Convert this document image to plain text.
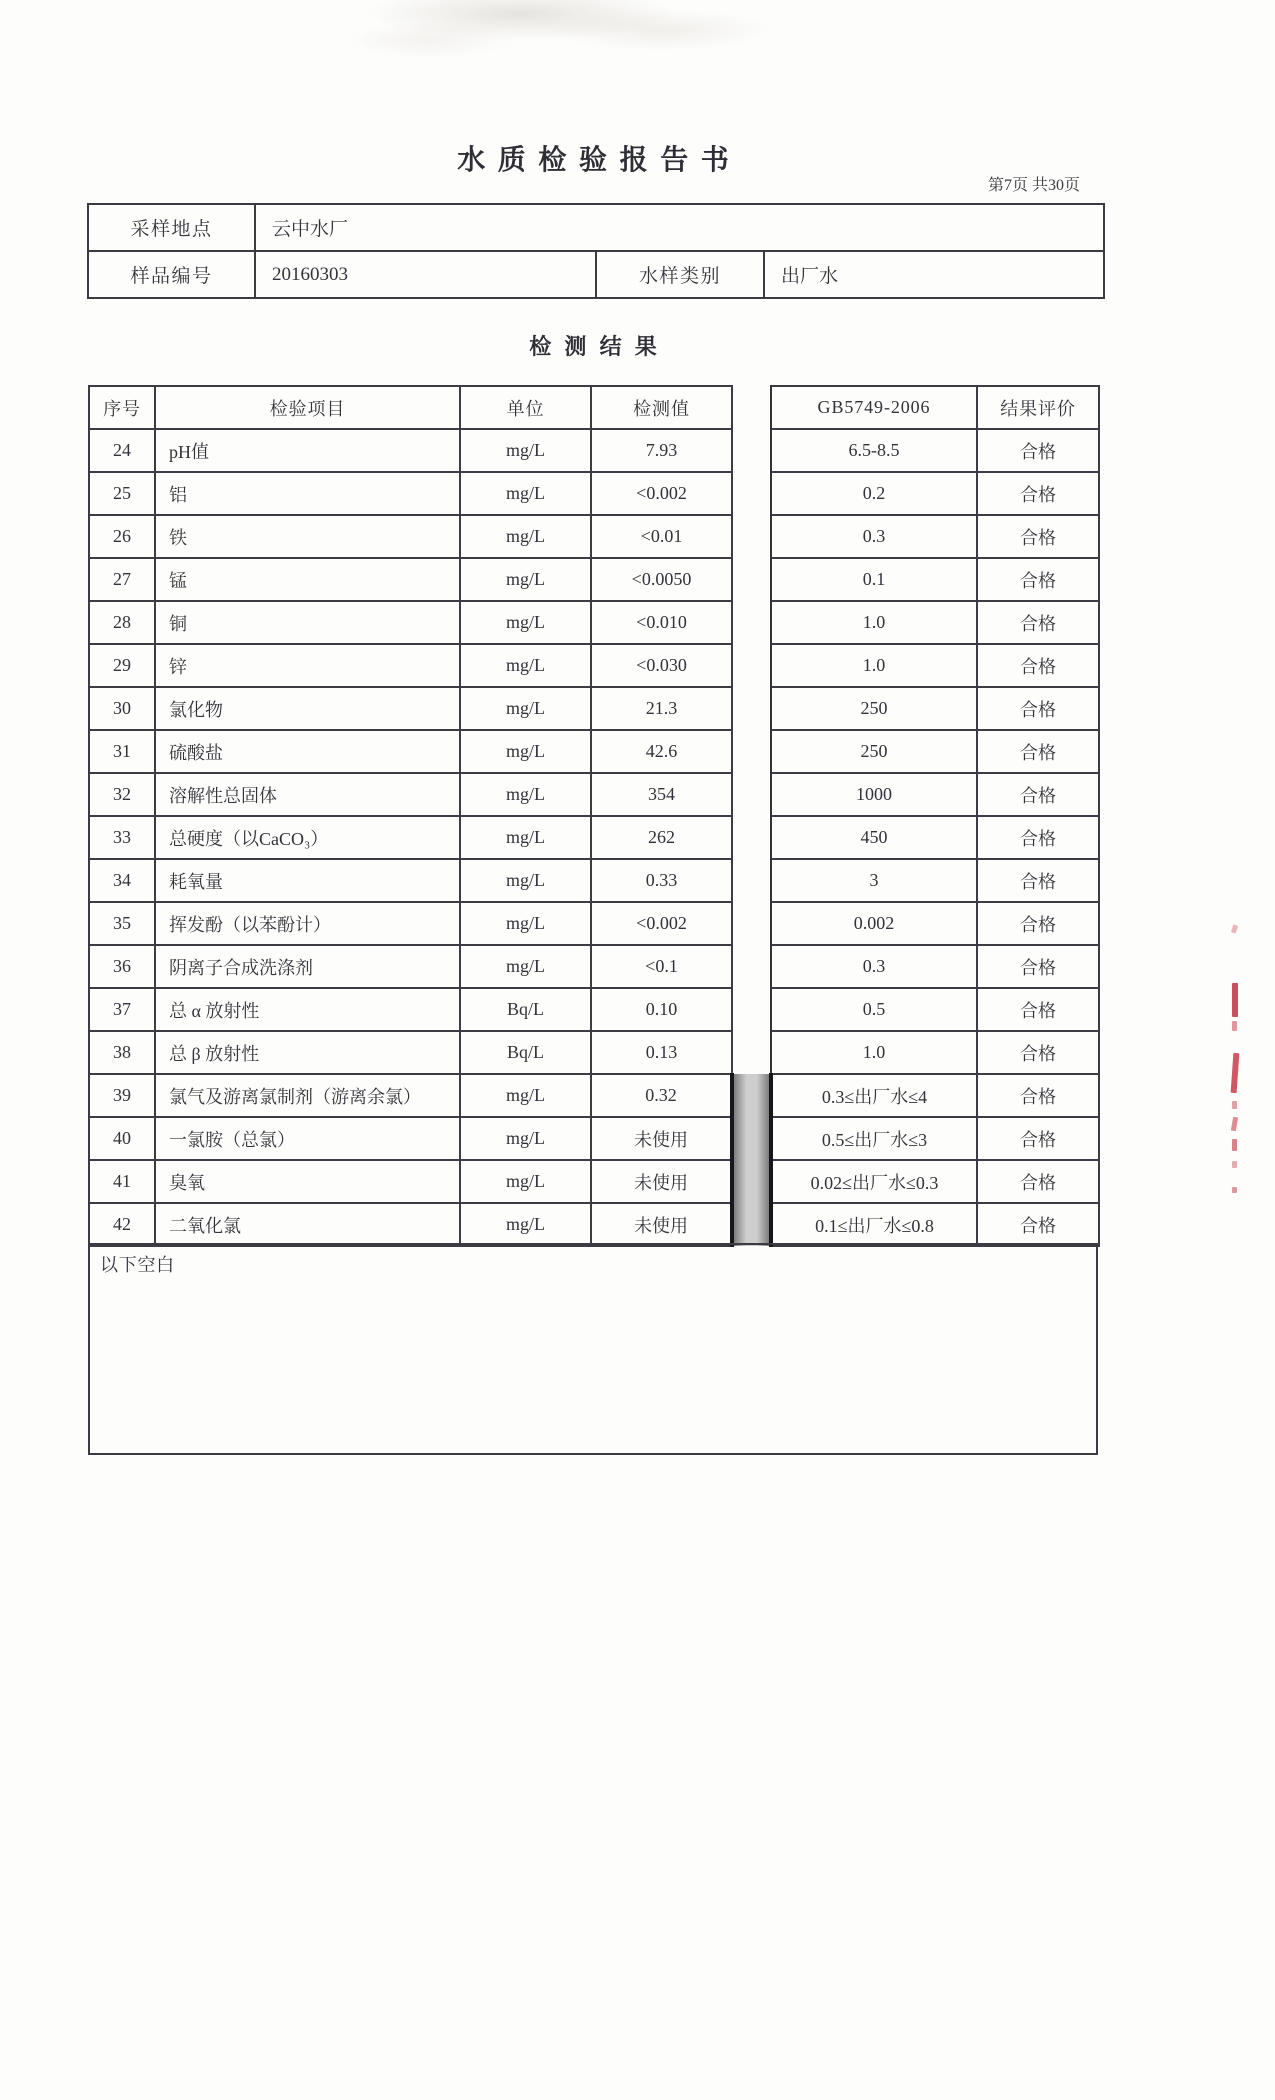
水质检验报告书
第7页 共30页
采样地点	云中水厂		
样品编号	20160303	水样类别	出厂水
检测结果
序号	检验项目	单位	检测值		GB5749-2006	结果评价
24	pH值	mg/L	7.93		6.5-8.5	合格
25	铝	mg/L	<0.002		0.2	合格
26	铁	mg/L	<0.01		0.3	合格
27	锰	mg/L	<0.0050		0.1	合格
28	铜	mg/L	<0.010		1.0	合格
29	锌	mg/L	<0.030		1.0	合格
30	氯化物	mg/L	21.3		250	合格
31	硫酸盐	mg/L	42.6		250	合格
32	溶解性总固体	mg/L	354		1000	合格
33	总硬度（以CaCO₃）	mg/L	262		450	合格
34	耗氧量	mg/L	0.33		3	合格
35	挥发酚（以苯酚计）	mg/L	<0.002		0.002	合格
36	阴离子合成洗涤剂	mg/L	<0.1		0.3	合格
37	总 α 放射性	Bq/L	0.10		0.5	合格
38	总 β 放射性	Bq/L	0.13		1.0	合格
39	氯气及游离氯制剂（游离余氯）	mg/L	0.32		0.3≤出厂水≤4	合格
40	一氯胺（总氯）	mg/L	未使用		0.5≤出厂水≤3	合格
41	臭氧	mg/L	未使用		0.02≤出厂水≤0.3	合格
42	二氧化氯	mg/L	未使用		0.1≤出厂水≤0.8	合格
以下空白
